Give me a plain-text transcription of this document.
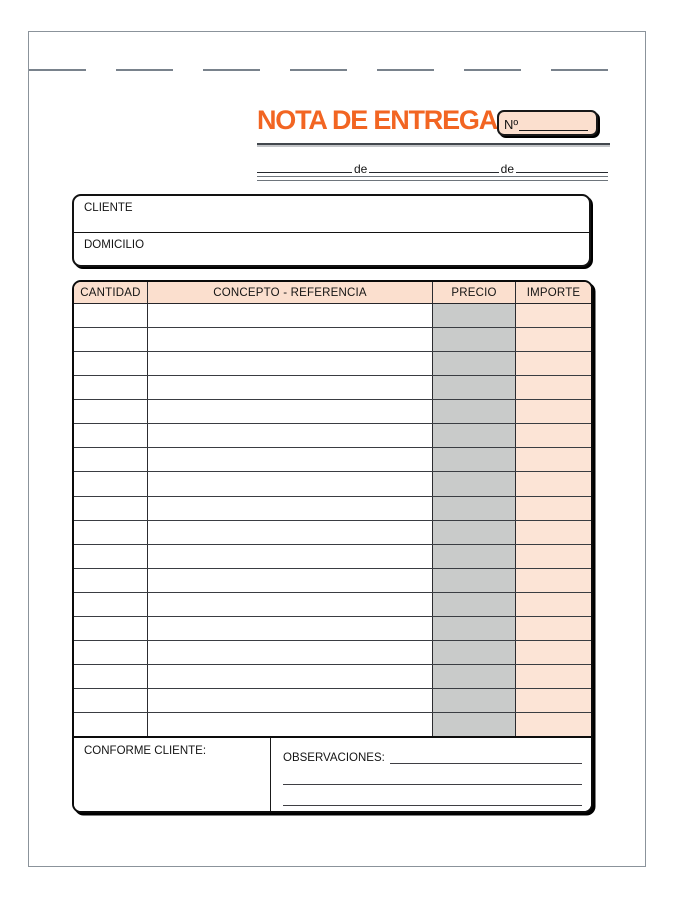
NOTA DE ENTREGA Nº
de	de
CLIENTE
DOMICILIO
CANTIDAD	CONCEPTO - REFERENCIA	PRECIO	IMPORTE
CONFORME CLIENTE:
OBSERVACIONES:
